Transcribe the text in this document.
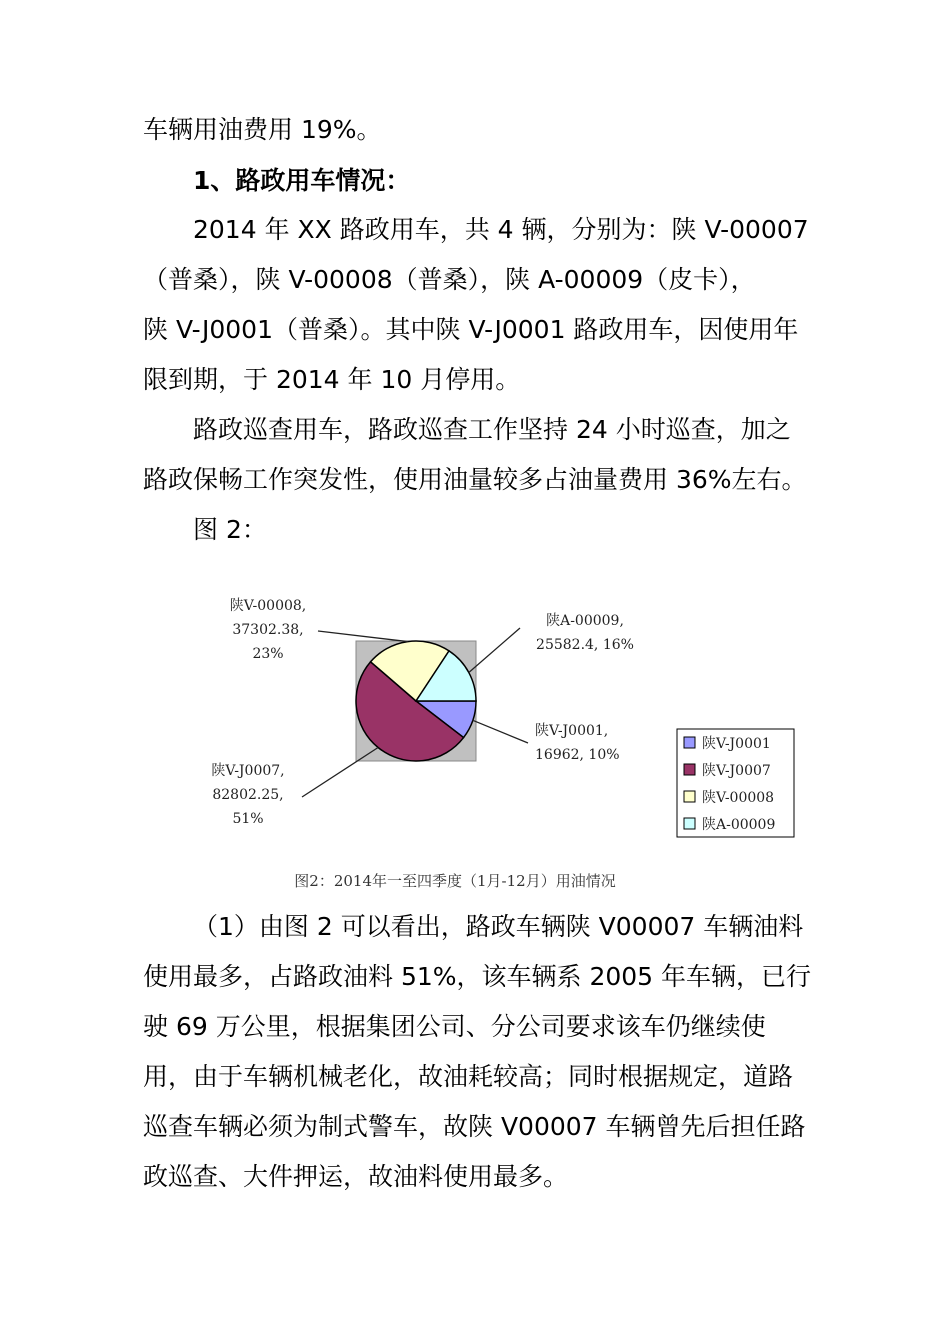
车辆用油费用 19%。
1、路政用车情况：
2014 年 XX 路政用车，共 4 辆，分别为：陕 V-00007
（普桑），陕 V-00008（普桑），陕 A-00009（皮卡），
陕 V-J0001（普桑）。其中陕 V-J0001 路政用车，因使用年
限到期，于 2014 年 10 月停用。
路政巡查用车，路政巡查工作坚持 24 小时巡查，加之
路政保畅工作突发性，使用油量较多占油量费用 36%左右。
图 2：
陕V-J0001, 16962, 10%
陕V-J0007, 82802.25, 51%
陕V-00008, 37302.38, 23%
陕A-00009, 25582.4, 16%
陕V-J0001
陕V-J0007
陕V-00008
陕A-00009
图2：2014年一至四季度（1月-12月）用油情况
（1）由图 2 可以看出，路政车辆陕 V00007 车辆油料
使用最多，占路政油料 51%，该车辆系 2005 年车辆，已行
驶 69 万公里，根据集团公司、分公司要求该车仍继续使
用，由于车辆机械老化，故油耗较高；同时根据规定，道路
巡查车辆必须为制式警车，故陕 V00007 车辆曾先后担任路
政巡查、大件押运，故油料使用最多。
